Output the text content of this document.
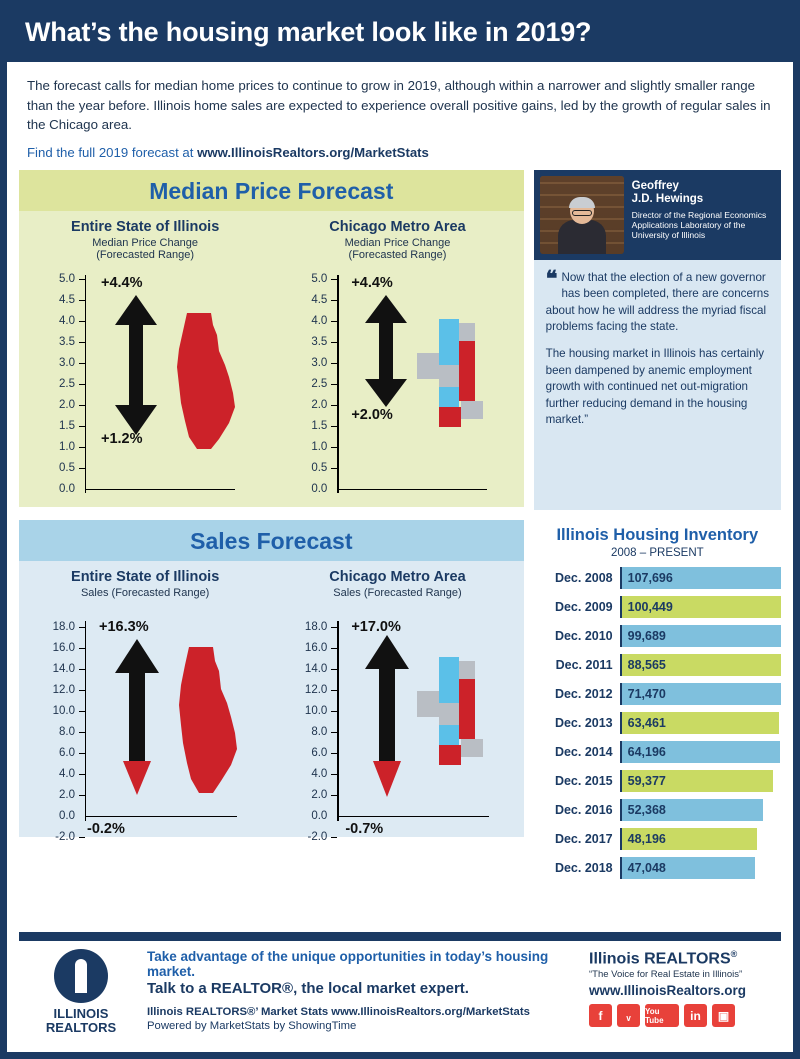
What’s the housing market look like in 2019?
The forecast calls for median home prices to continue to grow in 2019, although within a narrower and slightly smaller range than the year before. Illinois home sales are expected to experience overall positive gains, led by the growth of regular sales in the Chicago area.
Find the full 2019 forecast at www.IllinoisRealtors.org/MarketStats
Median Price Forecast
Entire State of Illinois
Median Price Change
(Forecasted Range)
5.0
4.5
4.0
3.5
3.0
2.5
2.0
1.5
1.0
0.5
0.0
+4.4%
+1.2%
Chicago Metro Area
Median Price Change
(Forecasted Range)
5.0
4.5
4.0
3.5
3.0
2.5
2.0
1.5
1.0
0.5
0.0
+4.4%
+2.0%
Geoffrey
J.D. Hewings
Director of the Regional Economics Applications Laboratory of the University of Illinois

❝ Now that the election of a new governor has been completed, there are concerns about how he will address the myriad fiscal problems facing the state.

The housing market in Illinois has certainly been dampened by anemic employment growth with continued net out-migration further reducing demand in the housing market.”

Sales Forecast
Entire State of Illinois
Sales (Forecasted Range)
18.0
16.0
14.0
12.0
10.0
8.0
6.0
4.0
2.0
0.0
-2.0
+16.3%
-0.2%
Chicago Metro Area
Sales (Forecasted Range)
18.0
16.0
14.0
12.0
10.0
8.0
6.0
4.0
2.0
0.0
-2.0
+17.0%
-0.7%
Illinois Housing Inventory
2008 – PRESENT
Dec. 2008	107,696
Dec. 2009	100,449
Dec. 2010	99,689
Dec. 2011	88,565
Dec. 2012	71,470
Dec. 2013	63,461
Dec. 2014	64,196
Dec. 2015	59,377
Dec. 2016	52,368
Dec. 2017	48,196
Dec. 2018	47,048
ILLINOIS
REALTORS
Take advantage of the unique opportunities in today’s housing market.
Talk to a REALTOR®, the local market expert.
Illinois REALTORS®’ Market Stats www.IllinoisRealtors.org/MarketStats
Powered by MarketStats by ShowingTime
Illinois REALTORS®
“The Voice for Real Estate in Illinois”
www.IllinoisRealtors.org
f	ᵥ	You Tube	in	▣
